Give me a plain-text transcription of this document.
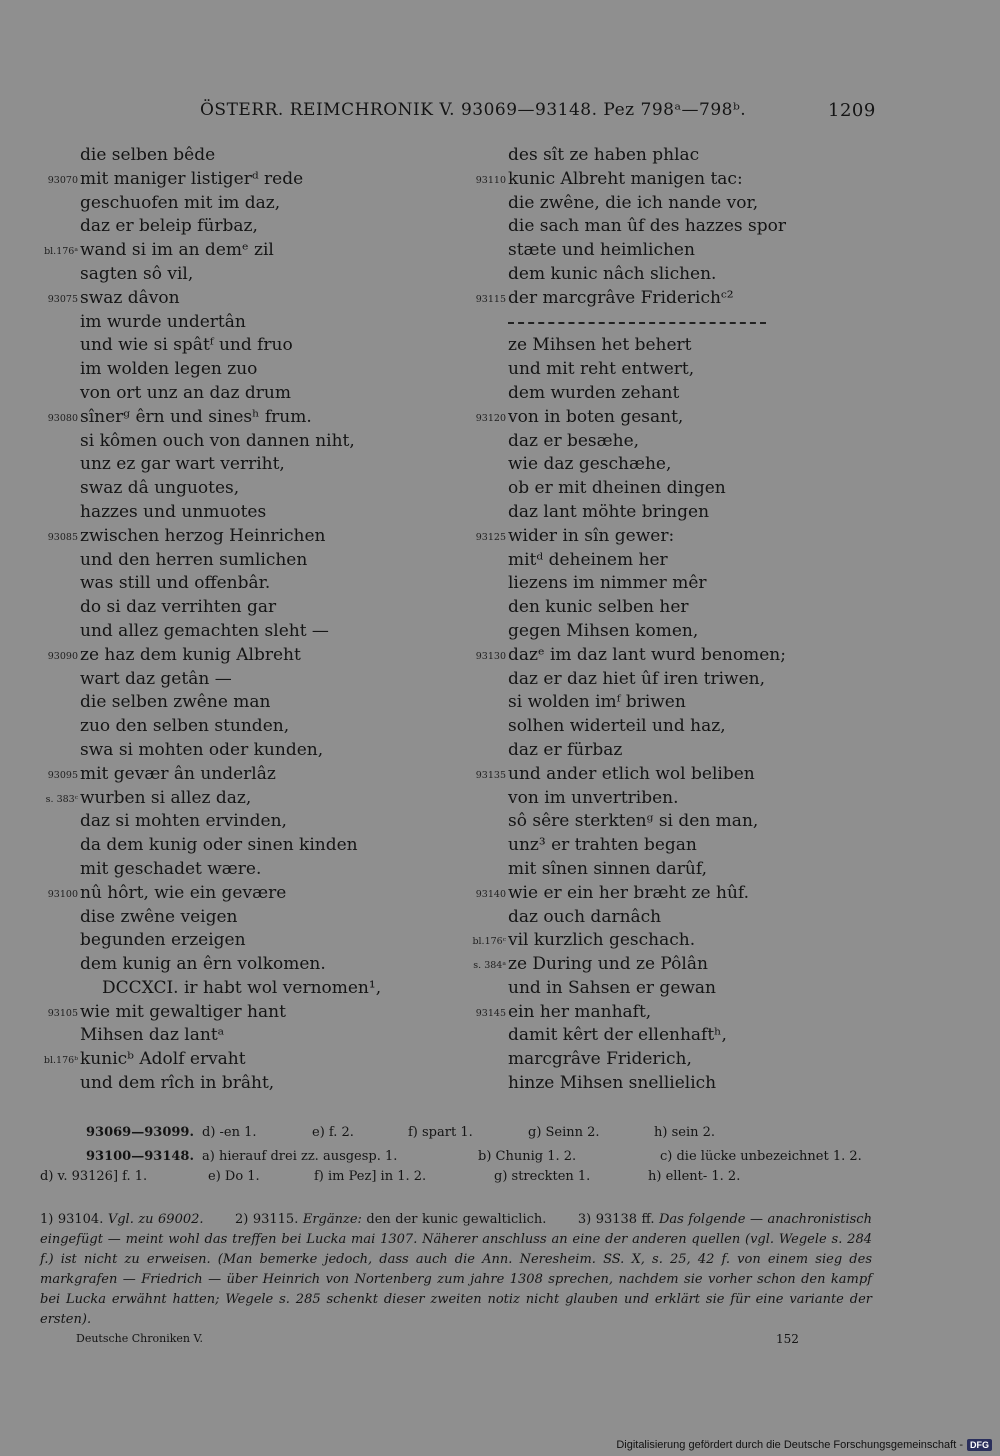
ÖSTERR. REIMCHRONIK V. 93069—93148. Pez 798ᵃ—798ᵇ.	1209
die selben bêde
93070 mit maniger listigerᵈ rede
geschuofen mit im daz,
daz er beleip fürbaz,
bl.176ᵃ wand si im an demᵉ zil
sagten sô vil,
93075 swaz dâvon
im wurde undertân
und wie si spâtᶠ und fruo
im wolden legen zuo
von ort unz an daz drum
93080 sînerᵍ êrn und sinesʰ frum.
si kômen ouch von dannen niht,
unz ez gar wart verriht,
swaz dâ unguotes,
hazzes und unmuotes
93085 zwischen herzog Heinrichen
und den herren sumlichen
was still und offenbâr.
do si daz verrihten gar
und allez gemachten sleht —
93090 ze haz dem kunig Albreht
wart daz getân —
die selben zwêne man
zuo den selben stunden,
swa si mohten oder kunden,
93095 mit gevær ân underlâz
s. 383ᶜ wurben si allez daz,
daz si mohten ervinden,
da dem kunig oder sinen kinden
mit geschadet wære.
93100 nû hôrt, wie ein gevære
dise zwêne veigen
begunden erzeigen
dem kunig an êrn volkomen.
DCCXCI. ir habt wol vernomen¹,
93105 wie mit gewaltiger hant
Mihsen daz lantᵃ
bl.176ᵇ kunicᵇ Adolf ervaht
und dem rîch in brâht,
des sît ze haben phlac
93110 kunic Albreht manigen tac:
die zwêne, die ich nande vor,
die sach man ûf des hazzes spor
stæte und heimlichen
dem kunic nâch slichen.
93115 der marcgrâve Friderichᶜ²
ze Mihsen het behert
und mit reht entwert,
dem wurden zehant
93120 von in boten gesant,
daz er besæhe,
wie daz geschæhe,
ob er mit dheinen dingen
daz lant möhte bringen
93125 wider in sîn gewer:
mitᵈ deheinem her
liezens im nimmer mêr
den kunic selben her
gegen Mihsen komen,
93130 dazᵉ im daz lant wurd benomen;
daz er daz hiet ûf iren triwen,
si wolden imᶠ briwen
solhen widerteil und haz,
daz er fürbaz
93135 und ander etlich wol beliben
von im unvertriben.
sô sêre sterktenᵍ si den man,
unz³ er trahten began
mit sînen sinnen darûf,
93140 wie er ein her bræht ze hûf.
daz ouch darnâch
bl.176ᶜ vil kurzlich geschach.
s. 384ᵃ ze During und ze Pôlân
und in Sahsen er gewan
93145 ein her manhaft,
damit kêrt der ellenhaftʰ,
marcgrâve Friderich,
hinze Mihsen snellielich
93069—93099. d) -en 1.	e) f. 2.	f) spart 1.	g) Seinn 2.	h) sein 2.
93100—93148. a) hierauf drei zz. ausgesp. 1.	b) Chunig 1. 2.	c) die lücke unbezeichnet 1. 2.
d) v. 93126] f. 1.	e) Do 1.	f) im Pez] in 1. 2.	g) streckten 1.	h) ellent- 1. 2.
1) 93104. Vgl. zu 69002. 2) 93115. Ergänze: den der kunic gewalticlich. 3) 93138 ff. Das folgende — anachronistisch eingefügt — meint wohl das treffen bei Lucka mai 1307. Näherer anschluss an eine der anderen quellen (vgl. Wegele s. 284 f.) ist nicht zu erweisen. (Man bemerke jedoch, dass auch die Ann. Neresheim. SS. X, s. 25, 42 f. von einem sieg des markgrafen — Friedrich — über Heinrich von Nortenberg zum jahre 1308 sprechen, nachdem sie vorher schon den kampf bei Lucka erwähnt hatten; Wegele s. 285 schenkt dieser zweiten notiz nicht glauben und erklärt sie für eine variante der ersten).
Deutsche Chroniken V.	152
Digitalisierung gefördert durch die Deutsche Forschungsgemeinschaft - DFG
